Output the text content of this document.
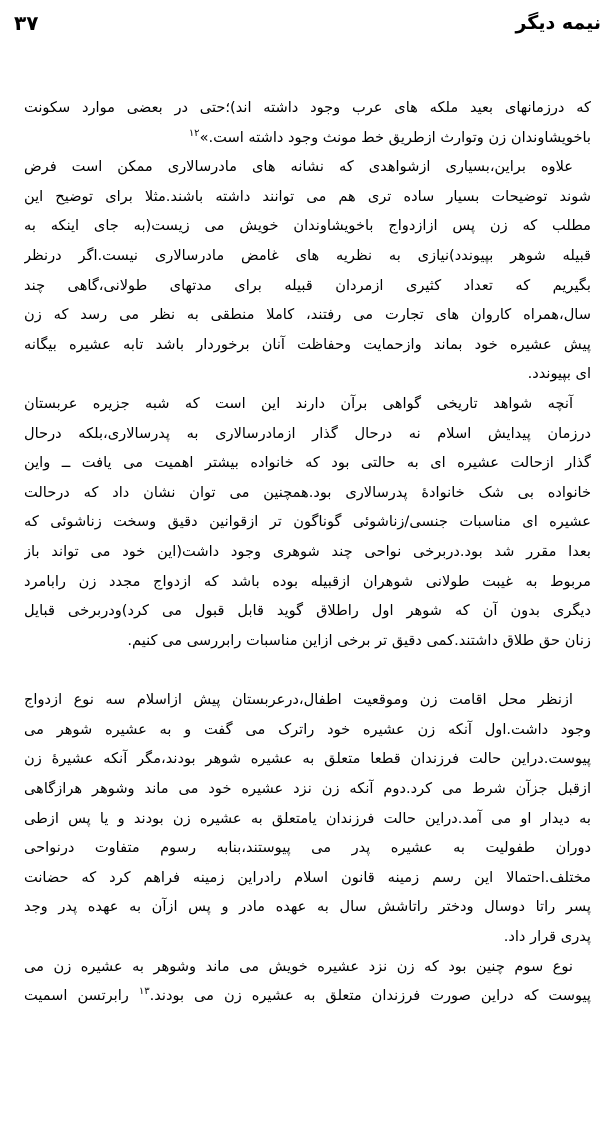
نیمه دیگر
۳۷
که درزمانهای بعید ملکه های عرب وجود داشته اند)؛حتی در بعضی موارد سکونت
باخویشاوندان زن وتوارث ازطریق خط مونث وجود داشته است.»$^{۱۲}$
علاوه براین،بسیاری ازشواهدی که نشانه های مادرسالاری ممکن است فرض
شوند توضیحات بسیار ساده تری هم می توانند داشته باشند.مثلا برای توضیح این
مطلب که زن پس ازازدواج باخویشاوندان خویش می زیست(به جای اینکه به
قبیله شوهر بپیوندد)نیازی به نظریه های غامض مادرسالاری نیست.اگر درنظر
بگیریم که تعداد کثیری ازمردان قبیله برای مدتهای طولانی،گاهی چند
سال،همراه کاروان های تجارت می رفتند، کاملا منطقی به نظر می رسد که زن
پیش عشیره خود بماند وازحمایت وحفاظت آنان برخوردار باشد تابه عشیره بیگانه
ای بپیوندد.
آنچه شواهد تاریخی گواهی برآن دارند این است که شبه جزیره عربستان
درزمان پیدایش اسلام نه درحال گذار ازمادرسالاری به پدرسالاری،بلکه درحال
گذار ازحالت عشیره ای به حالتی بود که خانواده بیشتر اهمیت می یافت ــ واین
خانواده بی شک خانوادهٔ پدرسالاری بود.همچنین می توان نشان داد که درحالت
عشیره ای مناسبات جنسی/زناشوئی گوناگون تر ازقوانین دقیق وسخت زناشوئی که
بعدا مقرر شد بود.دربرخی نواحی چند شوهری وجود داشت(این خود می تواند باز
مربوط به غیبت طولانی شوهران ازقبیله بوده باشد که ازدواج مجدد زن رابامرد
دیگری بدون آن که شوهر اول راطلاق گوید قابل قبول می کرد)ودربرخی قبایل
زنان حق طلاق داشتند.کمی دقیق تر برخی ازاین مناسبات رابررسی می کنیم.
ازنظر محل اقامت زن وموقعیت اطفال،درعربستان پیش ازاسلام سه نوع ازدواج
وجود داشت.اول آنکه زن عشیره خود راترک می گفت و به عشیره شوهر می
پیوست.دراین حالت فرزندان قطعا متعلق به عشیره شوهر بودند،مگر آنکه عشیرهٔ زن
ازقبل جزآن شرط می کرد.دوم آنکه زن نزد عشیره خود می ماند وشوهر هرازگاهی
به دیدار او می آمد.دراین حالت فرزندان یامتعلق به عشیره زن بودند و یا پس ازطی
دوران طفولیت به عشیره پدر می پیوستند،بنابه رسوم متفاوت درنواحی
مختلف.احتمالا این رسم زمینه قانون اسلام رادراین زمینه فراهم کرد که حضانت
پسر راتا دوسال ودختر راتاشش سال به عهده مادر و پس ازآن به عهده پدر وجد
پدری قرار داد.
نوع سوم چنین بود که زن نزد عشیره خویش می ماند وشوهر به عشیره زن می
پیوست که دراین صورت فرزندان متعلق به عشیره زن می بودند.$^{۱۳}$ رابرتسن اسمیت
